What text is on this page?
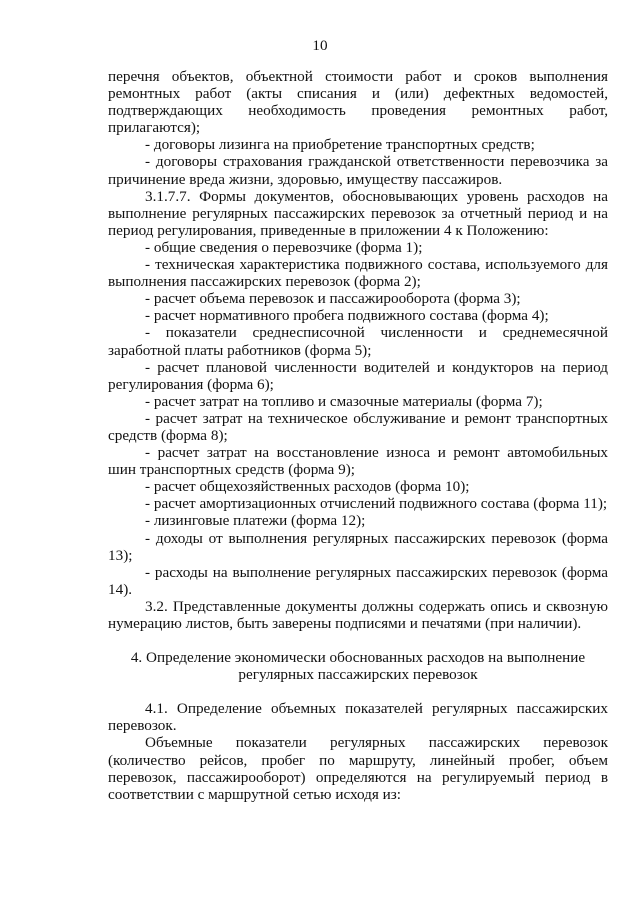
10

перечня объектов, объектной стоимости работ и сроков выполнения ремонтных работ (акты списания и (или) дефектных ведомостей, подтверждающих необходимость проведения ремонтных работ, прилагаются);

- договоры лизинга на приобретение транспортных средств;

- договоры страхования гражданской ответственности перевозчика за причинение вреда жизни, здоровью, имуществу пассажиров.

3.1.7.7. Формы документов, обосновывающих уровень расходов на выполнение регулярных пассажирских перевозок за отчетный период и на период регулирования, приведенные в приложении 4 к Положению:

- общие сведения о перевозчике (форма 1);

- техническая характеристика подвижного состава, используемого для выполнения пассажирских перевозок (форма 2);

- расчет объема перевозок и пассажирооборота (форма 3);

- расчет нормативного пробега подвижного состава (форма 4);

- показатели среднесписочной численности и среднемесячной заработной платы работников (форма 5);

- расчет плановой численности водителей и кондукторов на период регулирования (форма 6);

- расчет затрат на топливо и смазочные материалы (форма 7);

- расчет затрат на техническое обслуживание и ремонт транспортных средств (форма 8);

- расчет затрат на восстановление износа и ремонт автомобильных шин транспортных средств (форма 9);

- расчет общехозяйственных расходов (форма 10);

- расчет амортизационных отчислений подвижного состава (форма 11);

- лизинговые платежи (форма 12);

- доходы от выполнения регулярных пассажирских перевозок (форма 13);

- расходы на выполнение регулярных пассажирских перевозок (форма 14).

3.2. Представленные документы должны содержать опись и сквозную нумерацию листов, быть заверены подписями и печатями (при наличии).

4. Определение экономически обоснованных расходов на выполнение

регулярных пассажирских перевозок

4.1. Определение объемных показателей регулярных пассажирских перевозок.

Объемные показатели регулярных пассажирских перевозок (количество рейсов, пробег по маршруту, линейный пробег, объем перевозок, пассажирооборот) определяются на регулируемый период в соответствии с маршрутной сетью исходя из:
